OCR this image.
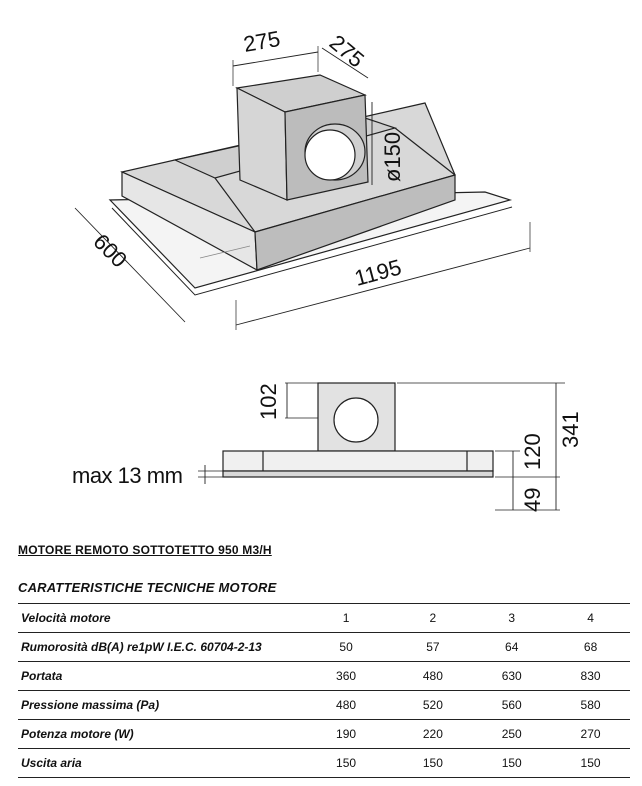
275 275
ø150
600
1195
102
341
120
49
max 13 mm
MOTORE REMOTO SOTTOTETTO 950 M3/H
CARATTERISTICHE TECNICHE MOTORE
Velocità motore	1	2	3	4
Rumorosità dB(A) re1pW I.E.C. 60704-2-13	50	57	64	68
Portata	360	480	630	830
Pressione massima (Pa)	480	520	560	580
Potenza motore (W)	190	220	250	270
Uscita aria	150	150	150	150
